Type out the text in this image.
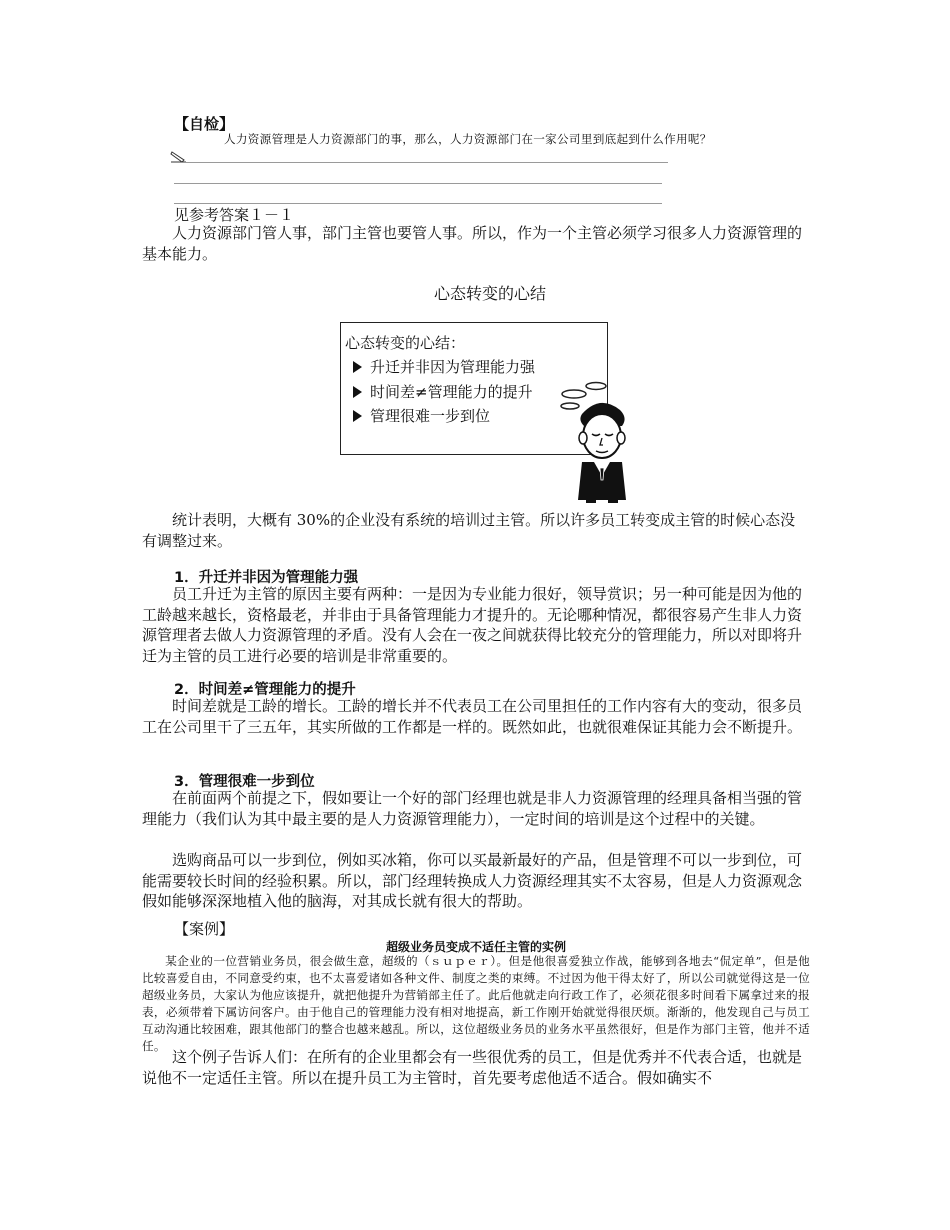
【自检】
人力资源管理是人力资源部门的事，那么，人力资源部门在一家公司里到底起到什么作用呢？
见参考答案１－１

人力资源部门管人事，部门主管也要管人事。所以，作为一个主管必须学习很多人力资源管理的基本能力。

心态转变的心结
心态转变的心结：
升迁并非因为管理能力强
时间差≠管理能力的提升
管理很难一步到位

统计表明，大概有 30%的企业没有系统的培训过主管。所以许多员工转变成主管的时候心态没有调整过来。

1．升迁并非因为管理能力强

员工升迁为主管的原因主要有两种：一是因为专业能力很好，领导赏识；另一种可能是因为他的工龄越来越长，资格最老，并非由于具备管理能力才提升的。无论哪种情况，都很容易产生非人力资源管理者去做人力资源管理的矛盾。没有人会在一夜之间就获得比较充分的管理能力，所以对即将升迁为主管的员工进行必要的培训是非常重要的。

2．时间差≠管理能力的提升

时间差就是工龄的增长。工龄的增长并不代表员工在公司里担任的工作内容有大的变动，很多员工在公司里干了三五年，其实所做的工作都是一样的。既然如此，也就很难保证其能力会不断提升。

3．管理很难一步到位

在前面两个前提之下，假如要让一个好的部门经理也就是非人力资源管理的经理具备相当强的管理能力（我们认为其中最主要的是人力资源管理能力），一定时间的培训是这个过程中的关键。

选购商品可以一步到位，例如买冰箱，你可以买最新最好的产品，但是管理不可以一步到位，可能需要较长时间的经验积累。所以，部门经理转换成人力资源经理其实不太容易，但是人力资源观念假如能够深深地植入他的脑海，对其成长就有很大的帮助。

【案例】
超级业务员变成不适任主管的实例

某企业的一位营销业务员，很会做生意，超级的（ｓｕｐｅｒ）。但是他很喜爱独立作战，能够到各地去“侃定单”，但是他比较喜爱自由，不同意受约束，也不太喜爱诸如各种文件、制度之类的束缚。不过因为他干得太好了，所以公司就觉得这是一位超级业务员，大家认为他应该提升，就把他提升为营销部主任了。此后他就走向行政工作了，必须花很多时间看下属拿过来的报表，必须带着下属访问客户。由于他自己的管理能力没有相对地提高，新工作刚开始就觉得很厌烦。渐渐的，他发现自己与员工互动沟通比较困难，跟其他部门的整合也越来越乱。所以，这位超级业务员的业务水平虽然很好，但是作为部门主管，他并不适任。

这个例子告诉人们：在所有的企业里都会有一些很优秀的员工，但是优秀并不代表合适，也就是说他不一定适任主管。所以在提升员工为主管时，首先要考虑他适不适合。假如确实不
